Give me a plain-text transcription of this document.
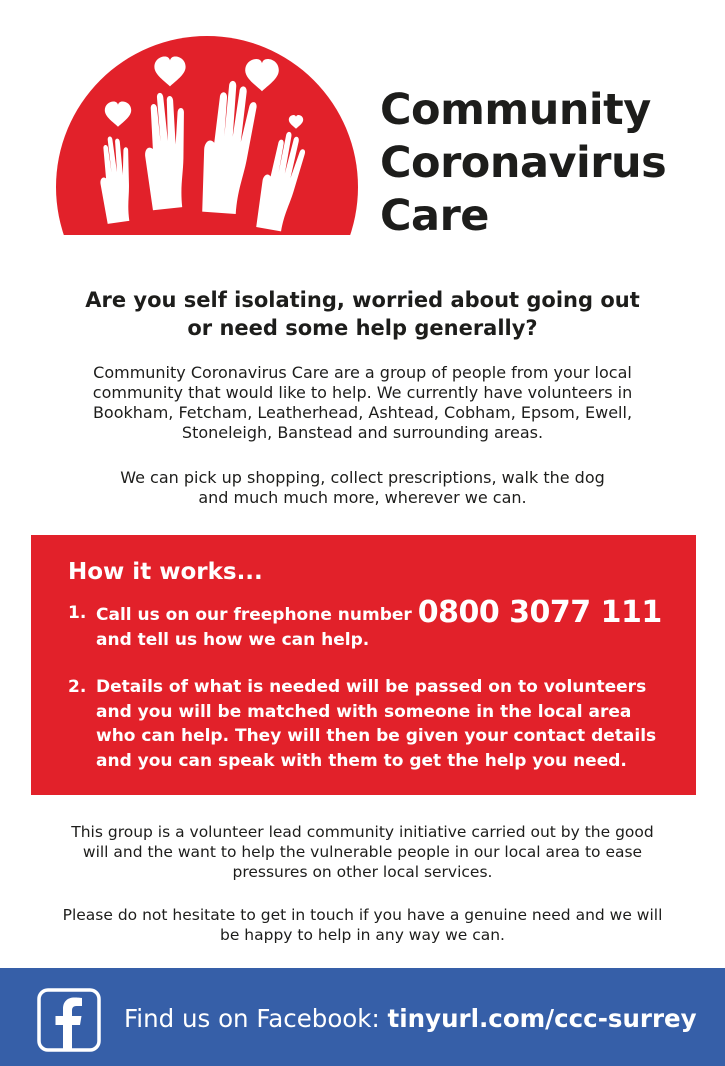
Community
Coronavirus
Care
Are you self isolating, worried about going out
or need some help generally?
Community Coronavirus Care are a group of people from your local
community that would like to help. We currently have volunteers in
Bookham, Fetcham, Leatherhead, Ashtead, Cobham, Epsom, Ewell,
Stoneleigh, Banstead and surrounding areas.
We can pick up shopping, collect prescriptions, walk the dog
and much much more, wherever we can.
How it works...
1. Call us on our freephone number 0800 3077 111
and tell us how we can help.
2. Details of what is needed will be passed on to volunteers
and you will be matched with someone in the local area
who can help. They will then be given your contact details
and you can speak with them to get the help you need.
This group is a volunteer lead community initiative carried out by the good
will and the want to help the vulnerable people in our local area to ease
pressures on other local services.
Please do not hesitate to get in touch if you have a genuine need and we will
be happy to help in any way we can.
Find us on Facebook: tinyurl.com/ccc-surrey
